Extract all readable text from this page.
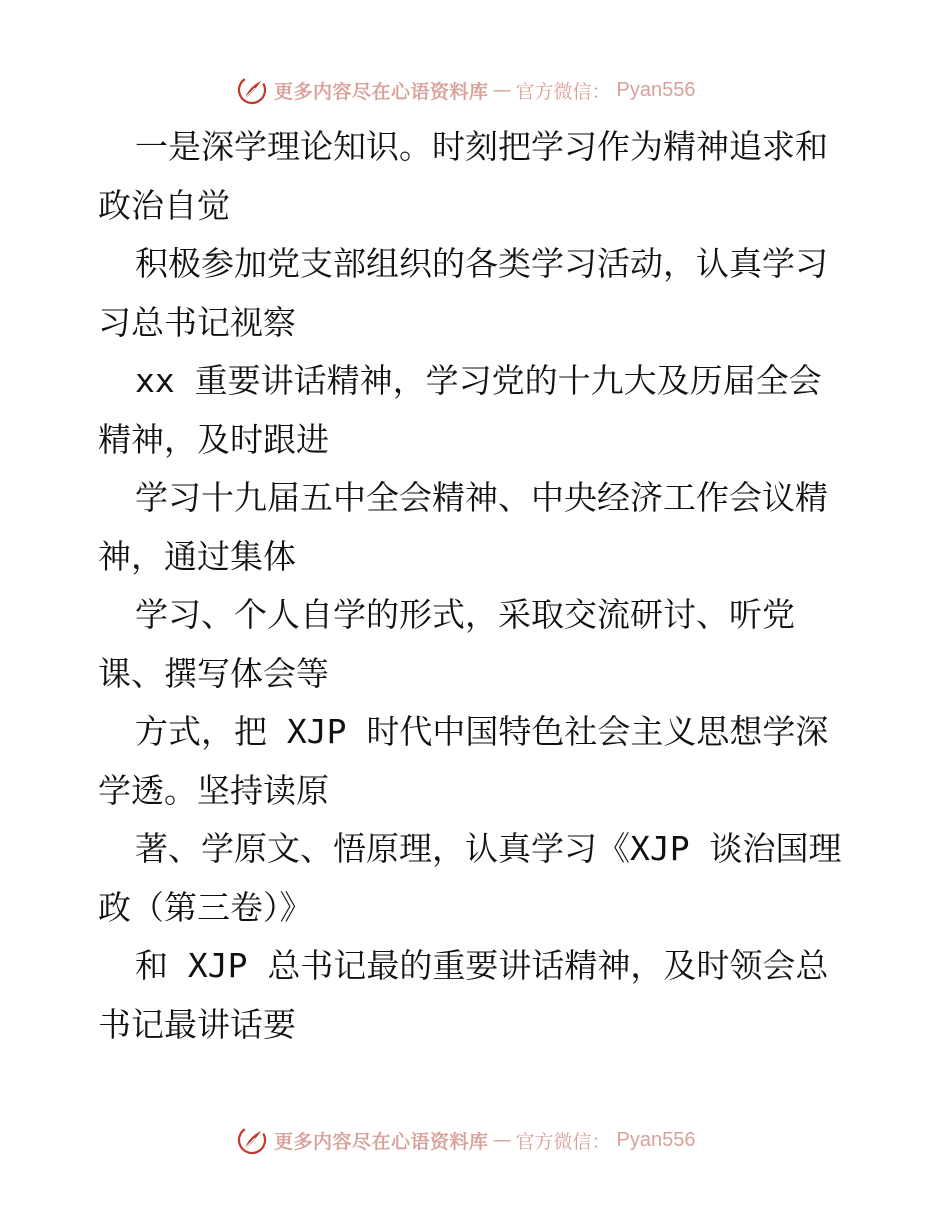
更多内容尽在心语资料库 — 官方微信： Pyan556
一是深学理论知识。时刻把学习作为精神追求和
政治自觉
积极参加党支部组织的各类学习活动，认真学习
习总书记视察
xx 重要讲话精神，学习党的十九大及历届全会
精神，及时跟进
学习十九届五中全会精神、中央经济工作会议精
神，通过集体
学习、个人自学的形式，采取交流研讨、听党
课、撰写体会等
方式，把 XJP 时代中国特色社会主义思想学深
学透。坚持读原
著、学原文、悟原理，认真学习《XJP 谈治国理
政（第三卷）》
和 XJP 总书记最的重要讲话精神，及时领会总
书记最讲话要
更多内容尽在心语资料库 — 官方微信： Pyan556
